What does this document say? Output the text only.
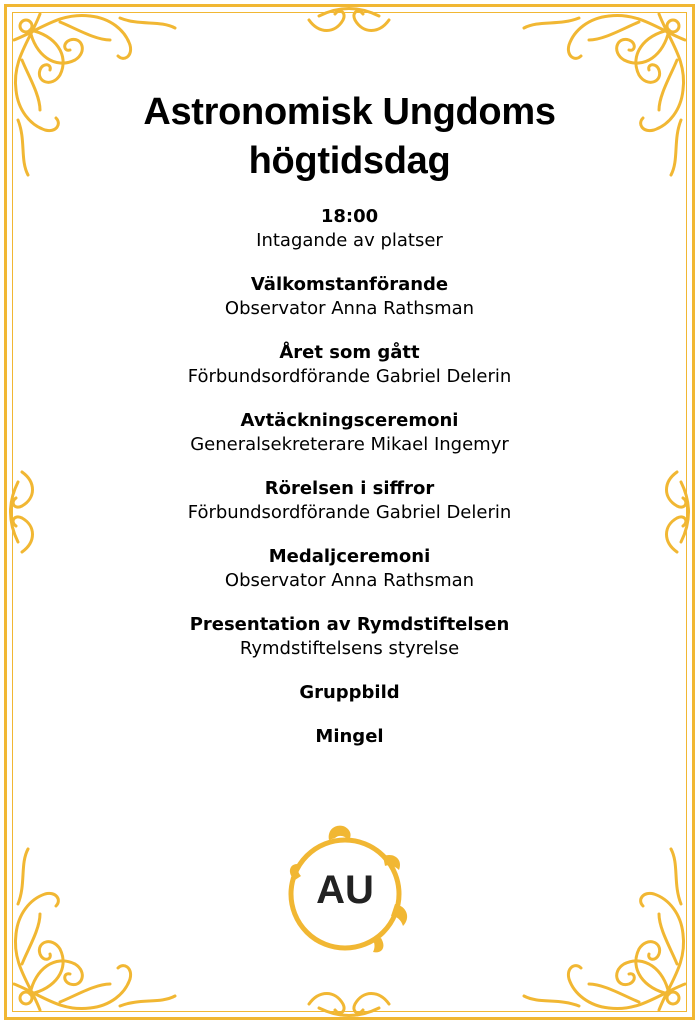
Astronomisk Ungdoms
högtidsdag
18:00
Intagande av platser
Välkomstanförande
Observator Anna Rathsman
Året som gått
Förbundsordförande Gabriel Delerin
Avtäckningsceremoni
Generalsekreterare Mikael Ingemyr
Rörelsen i siffror
Förbundsordförande Gabriel Delerin
Medaljceremoni
Observator Anna Rathsman
Presentation av Rymdstiftelsen
Rymdstiftelsens styrelse
Gruppbild
Mingel
AU
